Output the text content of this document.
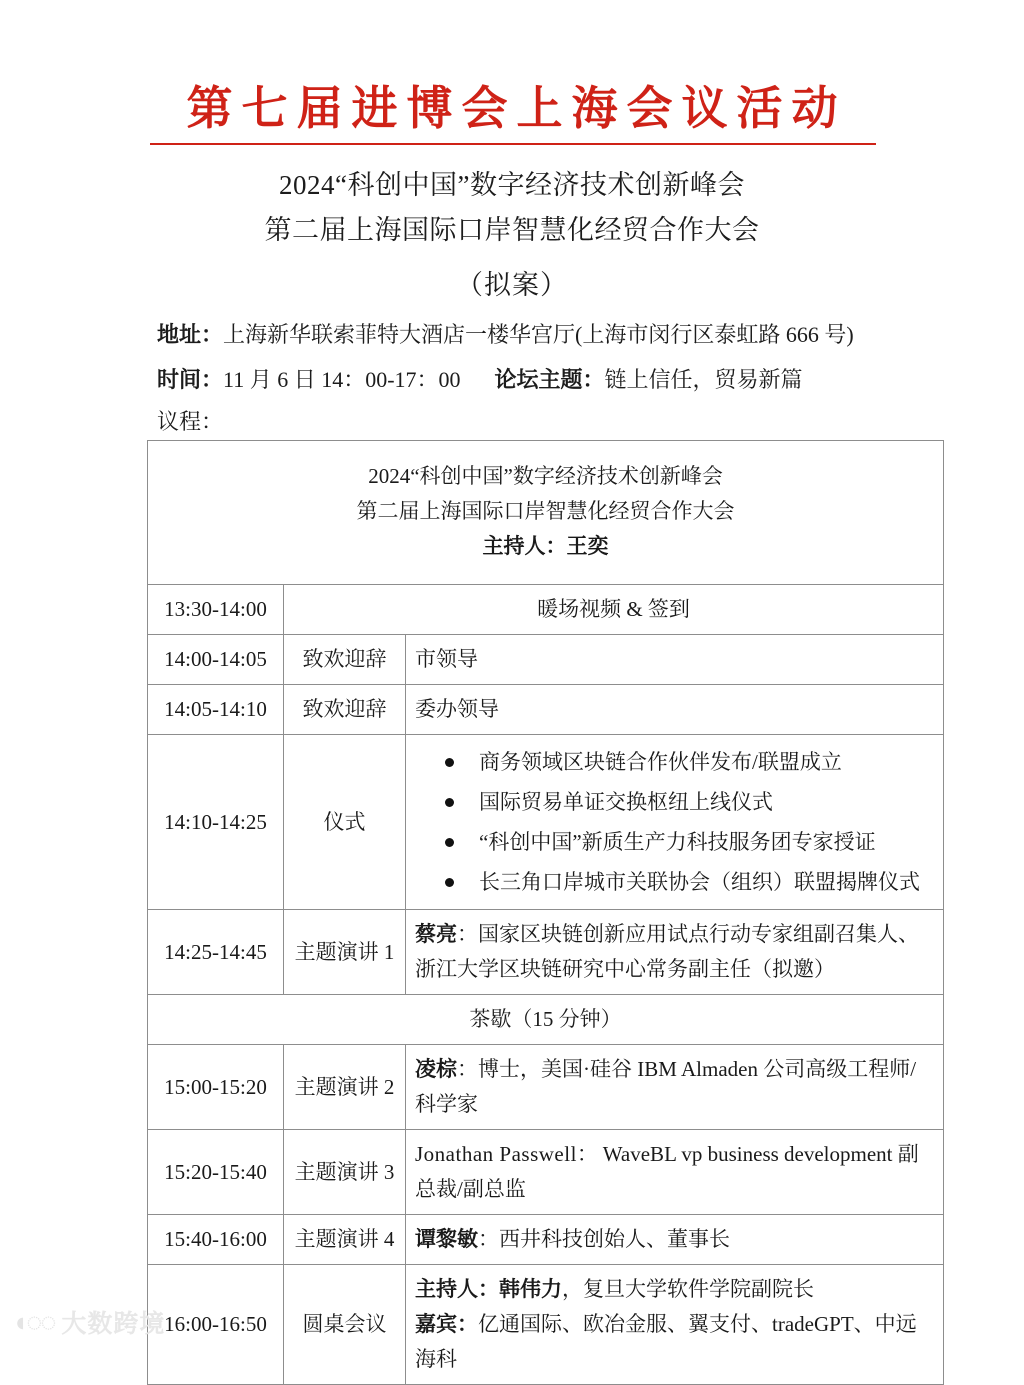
第七届进博会上海会议活动
2024“科创中国”数字经济技术创新峰会
第二届上海国际口岸智慧化经贸合作大会
（拟案）
地址：上海新华联索菲特大酒店一楼华宫厅(上海市闵行区泰虹路 666 号)
时间：11 月 6 日 14：00-17：00 论坛主题：链上信任，贸易新篇
议程：
2024“科创中国”数字经济技术创新峰会
第二届上海国际口岸智慧化经贸合作大会
主持人：王奕		

13:30-14:00	暖场视频 & 签到	
14:00-14:05	致欢迎辞	市领导
14:05-14:10	致欢迎辞	委办领导
14:10-14:25	仪式	
商务领域区块链合作伙伴发布/联盟成立
国际贸易单证交换枢纽上线仪式
“科创中国”新质生产力科技服务团专家授证
长三角口岸城市关联协会（组织）联盟揭牌仪式

14:25-14:45	主题演讲 1	蔡亮：国家区块链创新应用试点行动专家组副召集人、浙江大学区块链研究中心常务副主任（拟邀）
茶歇（15 分钟）		
15:00-15:20	主题演讲 2	凌棕：博士，美国·硅谷 IBM Almaden 公司高级工程师/科学家
15:20-15:40	主题演讲 3	Jonathan Passwell： WaveBL vp business development 副总裁/副总监
15:40-16:00	主题演讲 4	谭黎敏：西井科技创始人、董事长
16:00-16:50	圆桌会议	主持人：韩伟力，复旦大学软件学院副院长
嘉宾：亿通国际、欧冶金服、翼支付、tradeGPT、中远海科
◖◌◌ 大数跨境
